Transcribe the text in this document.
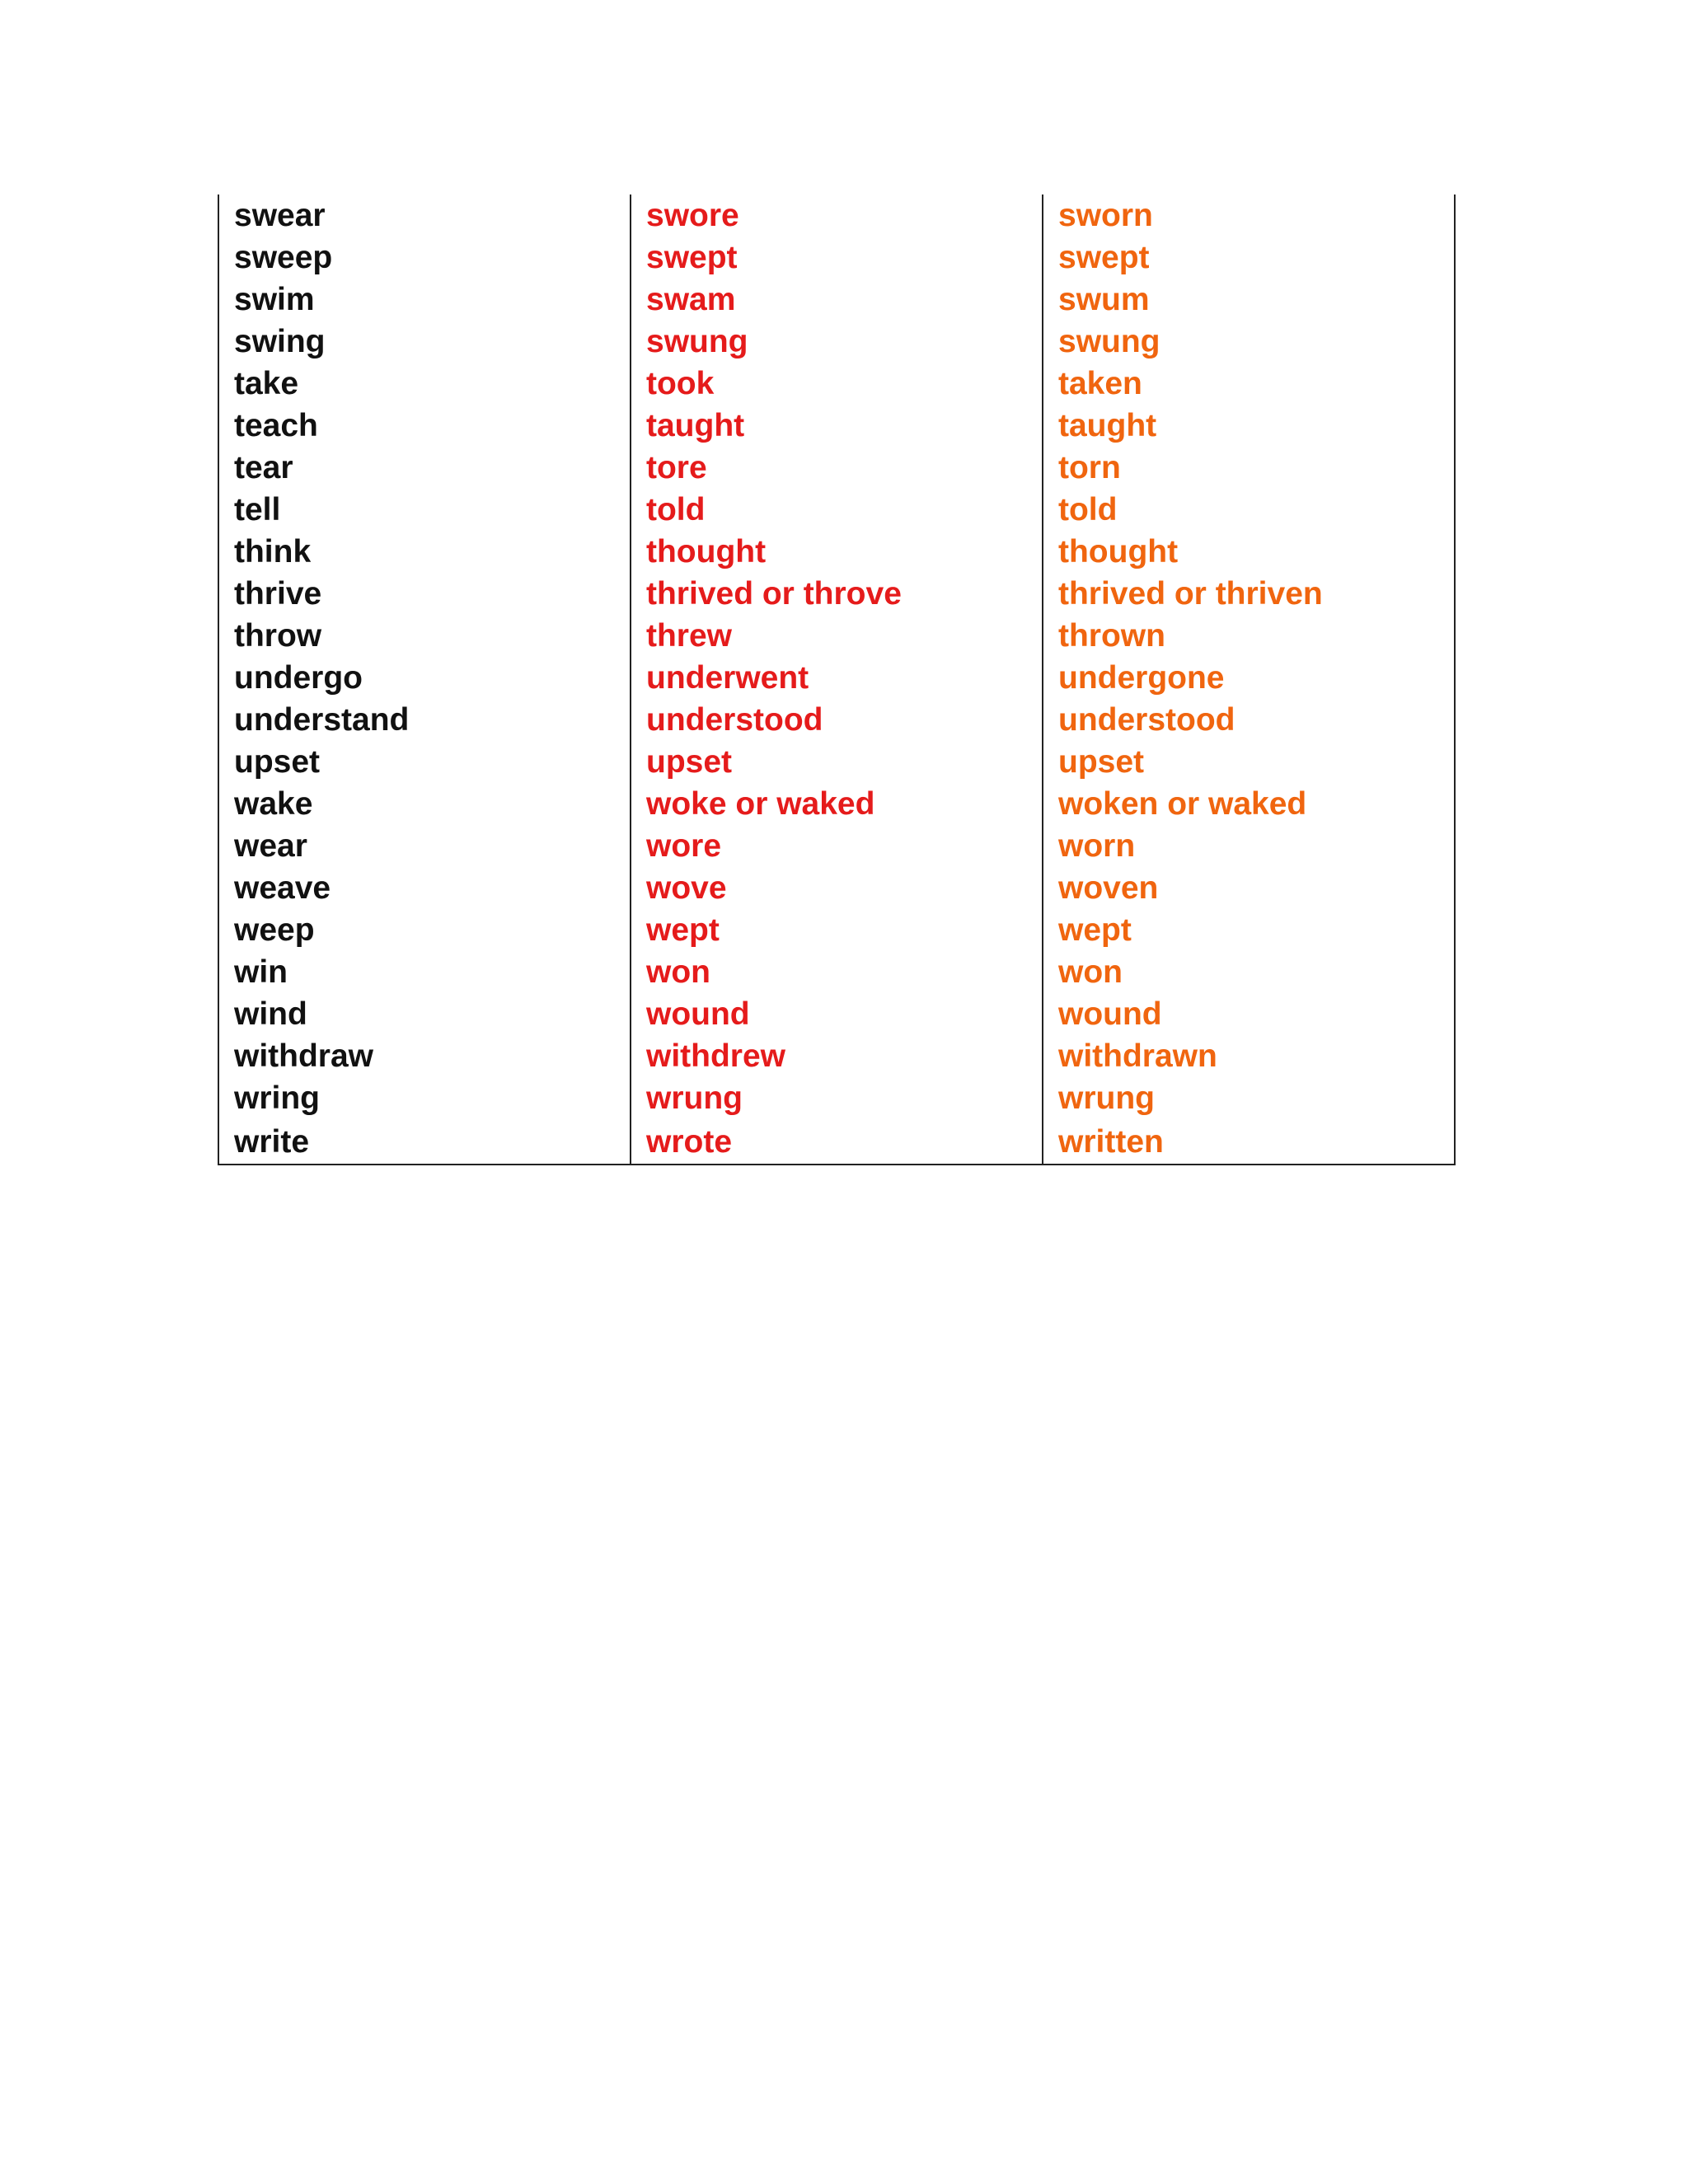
swear	swore	sworn
sweep	swept	swept
swim	swam	swum
swing	swung	swung
take	took	taken
teach	taught	taught
tear	tore	torn
tell	told	told
think	thought	thought
thrive	thrived or throve	thrived or thriven
throw	threw	thrown
undergo	underwent	undergone
understand	understood	understood
upset	upset	upset
wake	woke or waked	woken or waked
wear	wore	worn
weave	wove	woven
weep	wept	wept
win	won	won
wind	wound	wound
withdraw	withdrew	withdrawn
wring	wrung	wrung
write	wrote	written
